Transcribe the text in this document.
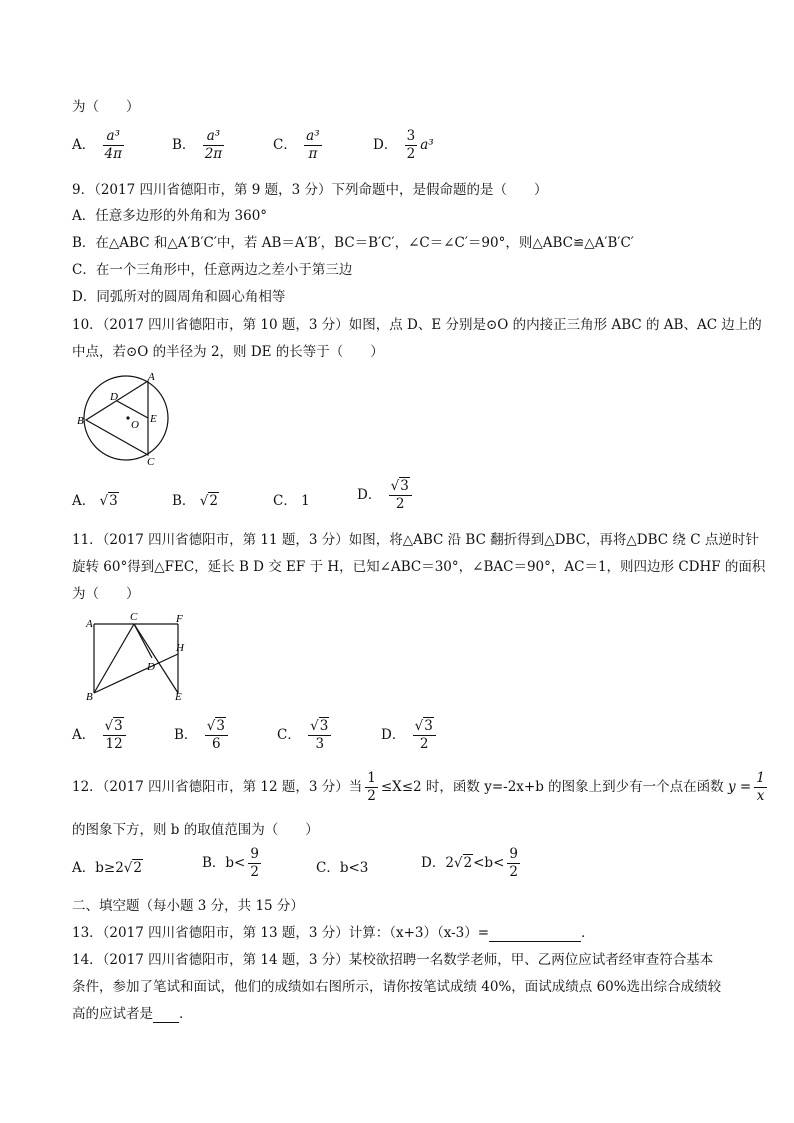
为（　　）
A． $\frac{\text{a³}}{4\pi}$	B． $\frac{\text{a³}}{2\pi}$	C． $\frac{\text{a³}}{\pi}$	D． $\frac{3}{2} a^3$
9．（2017 四川省德阳市，第 9 题，3 分）下列命题中，是假命题的是（　　）
A．任意多边形的外角和为 360°
B．在△ABC 和△A′B′C′中，若 AB＝A′B′，BC＝B′C′，∠C＝∠C′＝90°，则△ABC≌△A′B′C′
C．在一个三角形中，任意两边之差小于第三边
D．同弧所对的圆周角和圆心角相等
10．（2017 四川省德阳市，第 10 题，3 分）如图，点 D、E 分别是⊙O 的内接正三角形 ABC 的 AB、AC 边上的
中点，若⊙O 的半径为 2，则 DE 的长等于（　　）
A
B
C
D
E
O
A． √3	B． √2	C． 1	D． $\frac{√3}{2}$
11．（2017 四川省德阳市，第 11 题，3 分）如图，将△ABC 沿 BC 翻折得到△DBC，再将△DBC 绕 C 点逆时针
旋转 60°得到△FEC，延长 B D 交 EF 于 H，已知∠ABC＝30°，∠BAC＝90°，AC＝1，则四边形 CDHF 的面积
为（　　）
A
C	F
H
D
B	E
A． $\frac{√3}{12}$	B． $\frac{√3}{6}$	C． $\frac{√3}{3}$	D． $\frac{√3}{2}$
12．（2017 四川省德阳市，第 12 题，3 分）当 $\frac{1}{2} \le X\le 2$ 时，函数 y=-2x+b 的图象上到少有一个点在函数 $y = \frac{1}{x}$
的图象下方，则 b 的取值范围为（　　）
A．b≥2√2	B．$b< \frac{9}{2}$	C．b<3	D．$2√2<b< \frac{9}{2}$
二、填空题（每小题 3 分，共 15 分）
13．（2017 四川省德阳市，第 13 题，3 分）计算：（x+3）（x-3）=	．
14．（2017 四川省德阳市，第 14 题，3 分）某校欲招聘一名数学老师，甲、乙两位应试者经审查符合基本
条件，参加了笔试和面试，他们的成绩如右图所示，请你按笔试成绩 40%，面试成绩点 60%选出综合成绩较
高的应试者是 ．
